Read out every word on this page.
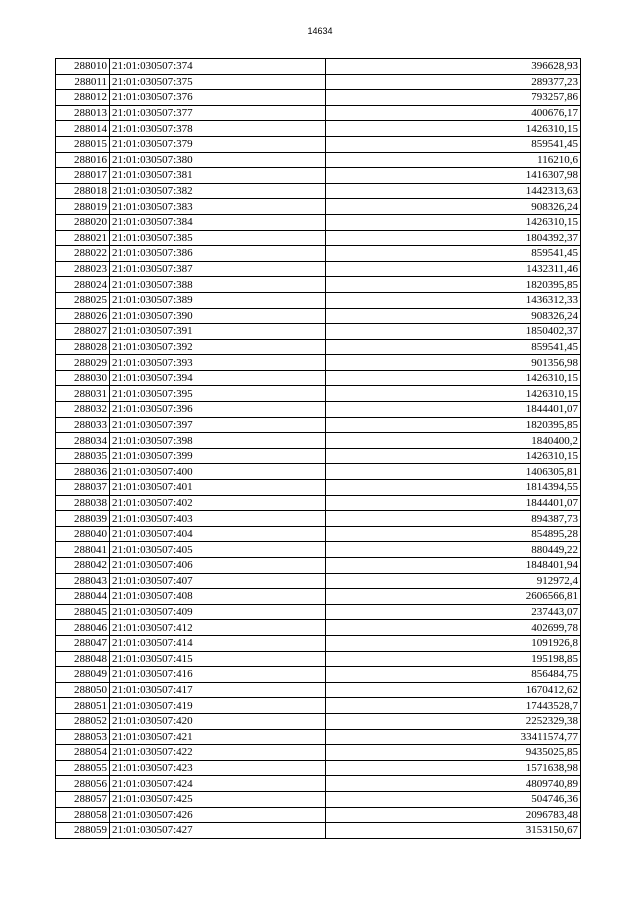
14634
288010	21:01:030507:374	396628,93
288011	21:01:030507:375	289377,23
288012	21:01:030507:376	793257,86
288013	21:01:030507:377	400676,17
288014	21:01:030507:378	1426310,15
288015	21:01:030507:379	859541,45
288016	21:01:030507:380	116210,6
288017	21:01:030507:381	1416307,98
288018	21:01:030507:382	1442313,63
288019	21:01:030507:383	908326,24
288020	21:01:030507:384	1426310,15
288021	21:01:030507:385	1804392,37
288022	21:01:030507:386	859541,45
288023	21:01:030507:387	1432311,46
288024	21:01:030507:388	1820395,85
288025	21:01:030507:389	1436312,33
288026	21:01:030507:390	908326,24
288027	21:01:030507:391	1850402,37
288028	21:01:030507:392	859541,45
288029	21:01:030507:393	901356,98
288030	21:01:030507:394	1426310,15
288031	21:01:030507:395	1426310,15
288032	21:01:030507:396	1844401,07
288033	21:01:030507:397	1820395,85
288034	21:01:030507:398	1840400,2
288035	21:01:030507:399	1426310,15
288036	21:01:030507:400	1406305,81
288037	21:01:030507:401	1814394,55
288038	21:01:030507:402	1844401,07
288039	21:01:030507:403	894387,73
288040	21:01:030507:404	854895,28
288041	21:01:030507:405	880449,22
288042	21:01:030507:406	1848401,94
288043	21:01:030507:407	912972,4
288044	21:01:030507:408	2606566,81
288045	21:01:030507:409	237443,07
288046	21:01:030507:412	402699,78
288047	21:01:030507:414	1091926,8
288048	21:01:030507:415	195198,85
288049	21:01:030507:416	856484,75
288050	21:01:030507:417	1670412,62
288051	21:01:030507:419	17443528,7
288052	21:01:030507:420	2252329,38
288053	21:01:030507:421	33411574,77
288054	21:01:030507:422	9435025,85
288055	21:01:030507:423	1571638,98
288056	21:01:030507:424	4809740,89
288057	21:01:030507:425	504746,36
288058	21:01:030507:426	2096783,48
288059	21:01:030507:427	3153150,67
